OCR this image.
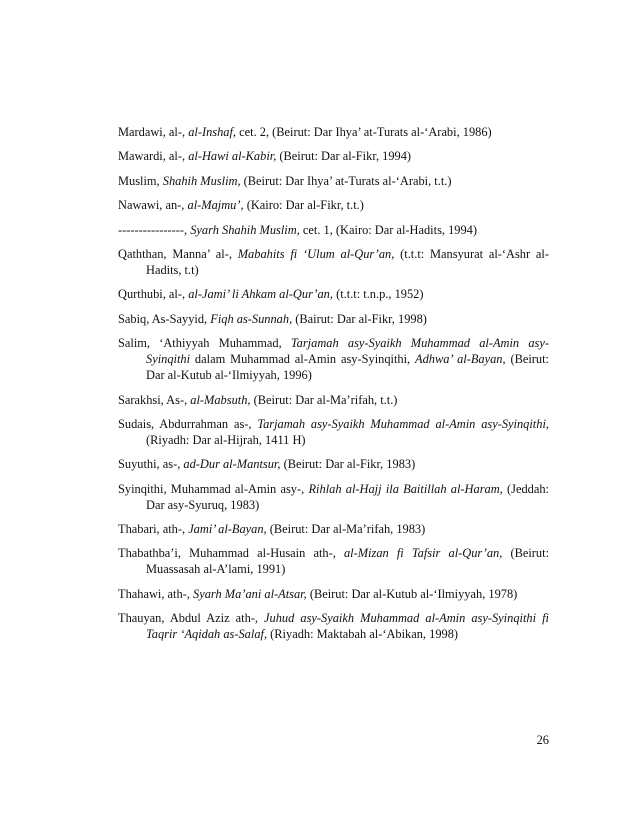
Mardawi, al-, al-Inshaf, cet. 2, (Beirut: Dar Ihya’ at-Turats al-‘Arabi, 1986)

Mawardi, al-, al-Hawi al-Kabir, (Beirut: Dar al-Fikr, 1994)

Muslim, Shahih Muslim, (Beirut: Dar Ihya’ at-Turats al-‘Arabi, t.t.)

Nawawi, an-, al-Majmu’, (Kairo: Dar al-Fikr, t.t.)

----------------, Syarh Shahih Muslim, cet. 1, (Kairo: Dar al-Hadits, 1994)

Qaththan, Manna’ al-, Mabahits fi ‘Ulum al-Qur’an, (t.t.t: Mansyurat al-‘Ashr al-Hadits, t.t)

Qurthubi, al-, al-Jami’ li Ahkam al-Qur’an, (t.t.t: t.n.p., 1952)

Sabiq, As-Sayyid, Fiqh as-Sunnah, (Bairut: Dar al-Fikr, 1998)

Salim, ‘Athiyyah Muhammad, Tarjamah asy-Syaikh Muhammad al-Amin asy-Syinqithi dalam Muhammad al-Amin asy-Syinqithi, Adhwa’ al-Bayan, (Beirut: Dar al-Kutub al-‘Ilmiyyah, 1996)

Sarakhsi, As-, al-Mabsuth, (Beirut: Dar al-Ma’rifah, t.t.)

Sudais, Abdurrahman as-, Tarjamah asy-Syaikh Muhammad al-Amin asy-Syinqithi, (Riyadh: Dar al-Hijrah, 1411 H)

Suyuthi, as-, ad-Dur al-Mantsur, (Beirut: Dar al-Fikr, 1983)

Syinqithi, Muhammad al-Amin asy-, Rihlah al-Hajj ila Baitillah al-Haram, (Jeddah: Dar asy-Syuruq, 1983)

Thabari, ath-, Jami’ al-Bayan, (Beirut: Dar al-Ma’rifah, 1983)

Thabathba’i, Muhammad al-Husain ath-, al-Mizan fi Tafsir al-Qur’an, (Beirut: Muassasah al-A’lami, 1991)

Thahawi, ath-, Syarh Ma’ani al-Atsar, (Beirut: Dar al-Kutub al-‘Ilmiyyah, 1978)

Thauyan, Abdul Aziz ath-, Juhud asy-Syaikh Muhammad al-Amin asy-Syinqithi fi Taqrir ‘Aqidah as-Salaf, (Riyadh: Maktabah al-‘Abikan, 1998)

26
